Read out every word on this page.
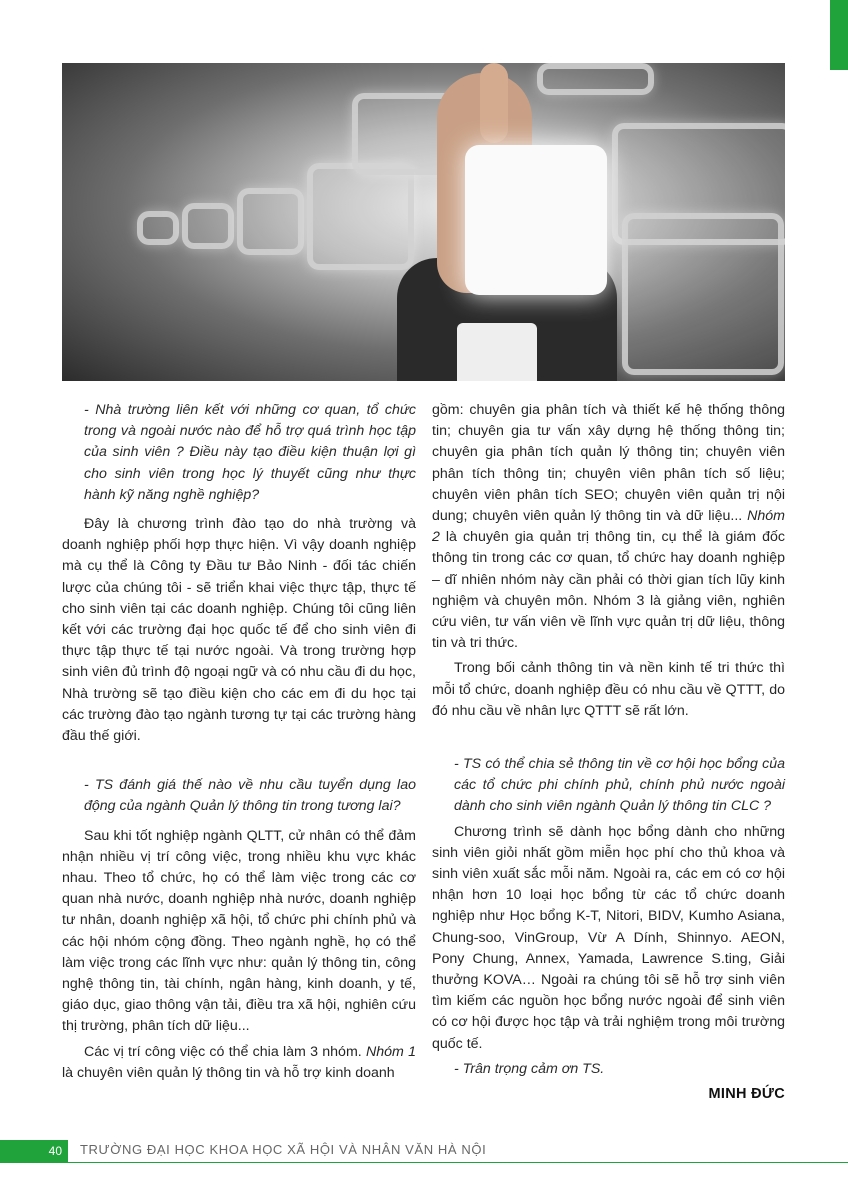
- Nhà trường liên kết với những cơ quan, tổ chức trong và ngoài nước nào để hỗ trợ quá trình học tập của sinh viên ? Điều này tạo điều kiện thuận lợi gì cho sinh viên trong học lý thuyết cũng như thực hành kỹ năng nghề nghiệp?

Đây là chương trình đào tạo do nhà trường và doanh nghiệp phối hợp thực hiện. Vì vậy doanh nghiệp mà cụ thể là Công ty Đầu tư Bảo Ninh - đối tác chiến lược của chúng tôi - sẽ triển khai việc thực tập, thực tế cho sinh viên tại các doanh nghiệp. Chúng tôi cũng liên kết với các trường đại học quốc tế để cho sinh viên đi thực tập thực tế tại nước ngoài. Và trong trường hợp sinh viên đủ trình độ ngoại ngữ và có nhu cầu đi du học, Nhà trường sẽ tạo điều kiện cho các em đi du học tại các trường đào tạo ngành tương tự tại các trường hàng đầu thế giới.

- TS đánh giá thế nào về nhu cầu tuyển dụng lao động của ngành Quản lý thông tin trong tương lai?

Sau khi tốt nghiệp ngành QLTT, cử nhân có thể đảm nhận nhiều vị trí công việc, trong nhiều khu vực khác nhau. Theo tổ chức, họ có thể làm việc trong các cơ quan nhà nước, doanh nghiệp nhà nước, doanh nghiệp tư nhân, doanh nghiệp xã hội, tổ chức phi chính phủ và các hội nhóm cộng đồng. Theo ngành nghề, họ có thể làm việc trong các lĩnh vực như: quản lý thông tin, công nghệ thông tin, tài chính, ngân hàng, kinh doanh, y tế, giáo dục, giao thông vận tải, điều tra xã hội, nghiên cứu thị trường, phân tích dữ liệu...

Các vị trí công việc có thể chia làm 3 nhóm. Nhóm 1 là chuyên viên quản lý thông tin và hỗ trợ kinh doanh

gồm: chuyên gia phân tích và thiết kế hệ thống thông tin; chuyên gia tư vấn xây dựng hệ thống thông tin; chuyên gia phân tích quản lý thông tin; chuyên viên phân tích thông tin; chuyên viên phân tích số liệu; chuyên viên phân tích SEO; chuyên viên quản trị nội dung; chuyên viên quản lý thông tin và dữ liệu... Nhóm 2 là chuyên gia quản trị thông tin, cụ thể là giám đốc thông tin trong các cơ quan, tổ chức hay doanh nghiệp – dĩ nhiên nhóm này cần phải có thời gian tích lũy kinh nghiệm và chuyên môn. Nhóm 3 là giảng viên, nghiên cứu viên, tư vấn viên về lĩnh vực quản trị dữ liệu, thông tin và tri thức.

Trong bối cảnh thông tin và nền kinh tế tri thức thì mỗi tổ chức, doanh nghiệp đều có nhu cầu về QTTT, do đó nhu cầu về nhân lực QTTT sẽ rất lớn.

- TS có thể chia sẻ thông tin về cơ hội học bổng của các tổ chức phi chính phủ, chính phủ nước ngoài dành cho sinh viên ngành Quản lý thông tin CLC ?

Chương trình sẽ dành học bổng dành cho những sinh viên giỏi nhất gồm miễn học phí cho thủ khoa và sinh viên xuất sắc mỗi năm. Ngoài ra, các em có cơ hội nhận hơn 10 loại học bổng từ các tổ chức doanh nghiệp như Học bổng K-T, Nitori, BIDV, Kumho Asiana, Chung-soo, VinGroup, Vừ A Dính, Shinnyo. AEON, Pony Chung, Annex, Yamada, Lawrence S.ting, Giải thưởng KOVA… Ngoài ra chúng tôi sẽ hỗ trợ sinh viên tìm kiếm các nguồn học bổng nước ngoài để sinh viên có cơ hội được học tập và trải nghiệm trong môi trường quốc tế.

- Trân trọng cảm ơn TS.

MINH ĐỨC
40	TRƯỜNG ĐẠI HỌC KHOA HỌC XÃ HỘI VÀ NHÂN VĂN HÀ NỘI
